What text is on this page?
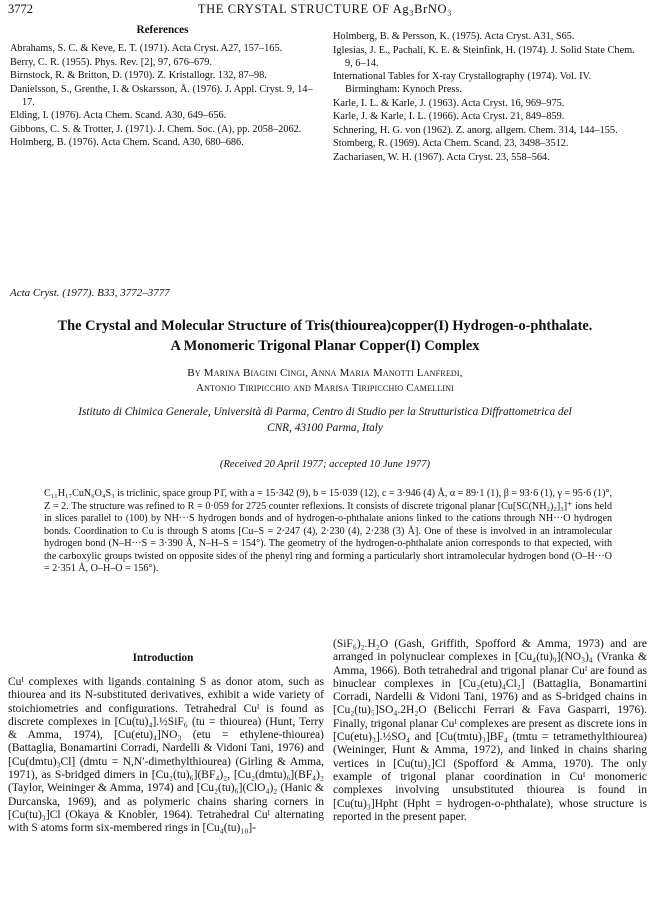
3772	THE CRYSTAL STRUCTURE OF Ag₃BrNO₃
References
Abrahams, S. C. & Keve, E. T. (1971). Acta Cryst. A27, 157–165.
Berry, C. R. (1955). Phys. Rev. [2], 97, 676–679.
Birnstock, R. & Britton, D. (1970). Z. Kristallogr. 132, 87–98.
Danielsson, S., Grenthe, I. & Oskarsson, Å. (1976). J. Appl. Cryst. 9, 14–17.
Elding, I. (1976). Acta Chem. Scand. A30, 649–656.
Gibbons, C. S. & Trotter, J. (1971). J. Chem. Soc. (A), pp. 2058–2062.
Holmberg, B. (1976). Acta Chem. Scand. A30, 680–686.
Holmberg, B. & Persson, K. (1975). Acta Cryst. A31, S65.
Iglesias, J. E., Pachali, K. E. & Steinfink, H. (1974). J. Solid State Chem. 9, 6–14.
International Tables for X-ray Crystallography (1974). Vol. IV. Birmingham: Kynoch Press.
Karle, I. L. & Karle, J. (1963). Acta Cryst. 16, 969–975.
Karle, J. & Karle, I. L. (1966). Acta Cryst. 21, 849–859.
Schnering, H. G. von (1962). Z. anorg. allgem. Chem. 314, 144–155.
Stomberg, R. (1969). Acta Chem. Scand. 23, 3498–3512.
Zachariasen, W. H. (1967). Acta Cryst. 23, 558–564.
Acta Cryst. (1977). B33, 3772–3777
The Crystal and Molecular Structure of Tris(thiourea)copper(I) Hydrogen-o-phthalate.
A Monomeric Trigonal Planar Copper(I) Complex
By Marina Biagini Cingi, Anna Maria Manotti Lanfredi,
Antonio Tiripicchio and Marisa Tiripicchio Camellini
Istituto di Chimica Generale, Università di Parma, Centro di Studio per la Strutturistica Diffrattometrica del
CNR, 43100 Parma, Italy
(Received 20 April 1977; accepted 10 June 1977)

C₁₁H₁₇CuN₆O₄S₃ is triclinic, space group P1̄, with a = 15·342 (9), b = 15·039 (12), c = 3·946 (4) Å, α = 89·1 (1), β = 93·6 (1), γ = 95·6 (1)°, Z = 2. The structure was refined to R = 0·059 for 2725 counter reflexions. It consists of discrete trigonal planar [Cu[SC(NH₂)₂]₃]⁺ ions held in slices parallel to (100) by NH···S hydrogen bonds and of hydrogen-o-phthalate anions linked to the cations through NH···O hydrogen bonds. Coordination to Cu is through S atoms [Cu–S = 2·247 (4), 2·230 (4), 2·238 (3) Å]. One of these is involved in an intramolecular hydrogen bond (N–H···S = 3·390 Å, N–H–S = 154°). The geometry of the hydrogen-o-phthalate anion corresponds to that expected, with the carboxylic groups twisted on opposite sides of the phenyl ring and forming a particularly short intramolecular hydrogen bond (O–H···O = 2·351 Å, O–H–O = 156°).

Introduction

Cuᴵ complexes with ligands containing S as donor atom, such as thiourea and its N-substituted derivatives, exhibit a wide variety of stoichiometries and configurations. Tetrahedral Cuᴵ is found as discrete complexes in [Cu(tu)₄].½SiF₆ (tu = thiourea) (Hunt, Terry & Amma, 1974), [Cu(etu)₄]NO₃ (etu = ethylene-thiourea) (Battaglia, Bonamartini Corradi, Nardelli & Vidoni Tani, 1976) and [Cu(dmtu)₃Cl] (dmtu = N,N′-dimethylthiourea) (Girling & Amma, 1971), as S-bridged dimers in [Cu₂(tu)₆](BF₄)₂, [Cu₂(dmtu)₆](BF₄)₂ (Taylor, Weininger & Amma, 1974) and [Cu₂(tu)₆](ClO₄)₂ (Hanic & Durcanska, 1969), and as polymeric chains sharing corners in [Cu(tu)₃]Cl (Okaya & Knobler, 1964). Tetrahedral Cuᴵ alternating with S atoms form six-membered rings in [Cu₄(tu)₁₀]-

(SiF₆)₂.H₂O (Gash, Griffith, Spofford & Amma, 1973) and are arranged in polynuclear complexes in [Cu₄(tu)₉](NO₃)₄ (Vranka & Amma, 1966). Both tetrahedral and trigonal planar Cuᴵ are found as binuclear complexes in [Cu₂(etu)₄Cl₂] (Battaglia, Bonamartini Corradi, Nardelli & Vidoni Tani, 1976) and as S-bridged chains in [Cu₂(tu)₅]SO₄.2H₂O (Belicchi Ferrari & Fava Gasparri, 1976). Finally, trigonal planar Cuᴵ complexes are present as discrete ions in [Cu(etu)₃].½SO₄ and [Cu(tmtu)₃]BF₄ (tmtu = tetramethylthiourea) (Weininger, Hunt & Amma, 1972), and linked in chains sharing vertices in [Cu(tu)₂]Cl (Spofford & Amma, 1970). The only example of trigonal planar coordination in Cuᴵ monomeric complexes involving unsubstituted thiourea is found in [Cu(tu)₃]Hpht (Hpht = hydrogen-o-phthalate), whose structure is reported in the present paper.
